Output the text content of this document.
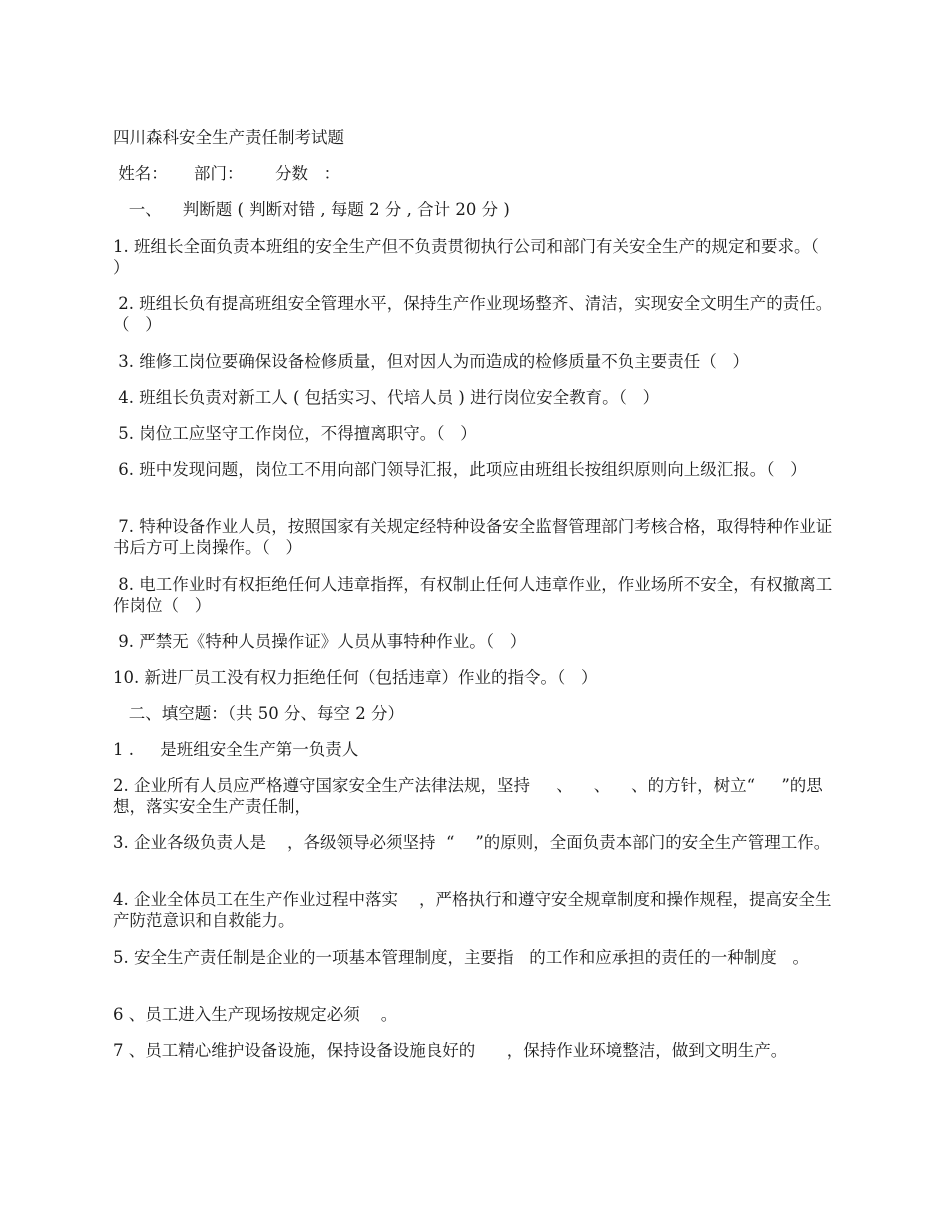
四川森科安全生产责任制考试题

姓名：     部门：      分数   ：

一、    判断题 ( 判断对错 , 每题 2 分 , 合计 20 分 )

1. 班组长全面负责本班组的安全生产但不负责贯彻执行公司和部门有关安全生产的规定和要求。（   ）

2. 班组长负有提高班组安全管理水平，保持生产作业现场整齐、清洁，实现安全文明生产的责任。（   ）

3. 维修工岗位要确保设备检修质量，但对因人为而造成的检修质量不负主要责任（   ）

4. 班组长负责对新工人 ( 包括实习、代培人员 ) 进行岗位安全教育。（   ）

5. 岗位工应坚守工作岗位，不得擅离职守。（   ）

6. 班中发现问题，岗位工不用向部门领导汇报，此项应由班组长按组织原则向上级汇报。（   ）

7. 特种设备作业人员，按照国家有关规定经特种设备安全监督管理部门考核合格，取得特种作业证书后方可上岗操作。（   ）

8. 电工作业时有权拒绝任何人违章指挥，有权制止任何人违章作业，作业场所不安全，有权撤离工作岗位（   ）

9. 严禁无《特种人员操作证》人员从事特种作业。（   ）

10. 新进厂员工没有权力拒绝任何（包括违章）作业的指令。（   ）

二、填空题：（共 50 分、每空 2 分）

1 .     是班组安全生产第一负责人

2. 企业所有人员应严格遵守国家安全生产法律法规，坚持     、    、    、的方针，树立“     ”的思想，落实安全生产责任制，

3. 企业各级负责人是    ，各级领导必须坚持  “    ”的原则，全面负责本部门的安全生产管理工作。

4. 企业全体员工在生产作业过程中落实    ，严格执行和遵守安全规章制度和操作规程，提高安全生产防范意识和自救能力。

5. 安全生产责任制是企业的一项基本管理制度，主要指   的工作和应承担的责任的一种制度   。

6 、员工进入生产现场按规定必须    。

7 、员工精心维护设备设施，保持设备设施良好的      ，保持作业环境整洁，做到文明生产。
